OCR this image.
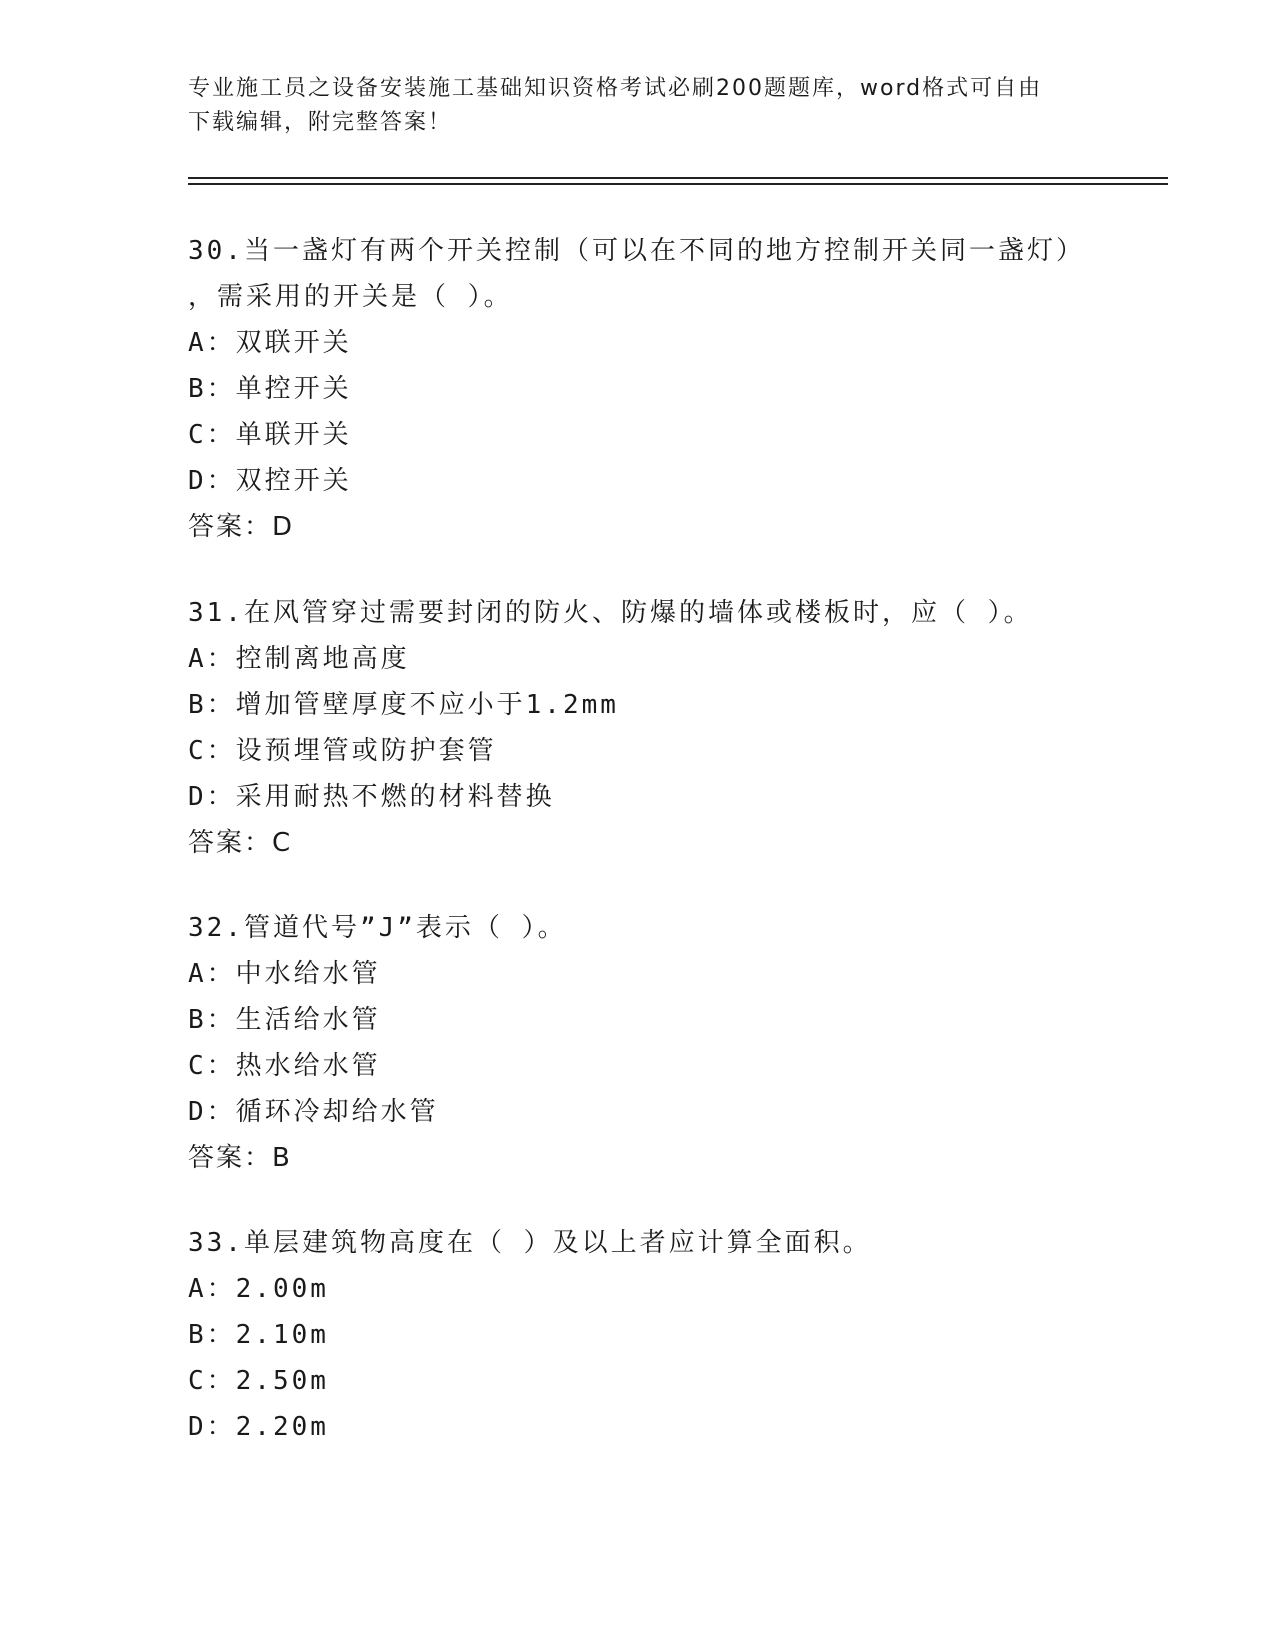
专业施工员之设备安装施工基础知识资格考试必刷200题题库，word格式可自由
下载编辑，附完整答案！
30.当一盏灯有两个开关控制（可以在不同的地方控制开关同一盏灯）
，需采用的开关是（ ）。
A：双联开关
B：单控开关
C：单联开关
D：双控开关
答案：D
31.在风管穿过需要封闭的防火、防爆的墙体或楼板时，应（ ）。
A：控制离地高度
B：增加管壁厚度不应小于1.2mm
C：设预埋管或防护套管
D：采用耐热不燃的材料替换
答案：C
32.管道代号”J”表示（ ）。
A：中水给水管
B：生活给水管
C：热水给水管
D：循环冷却给水管
答案：B
33.单层建筑物高度在（ ）及以上者应计算全面积。
A：2.00m
B：2.10m
C：2.50m
D：2.20m
